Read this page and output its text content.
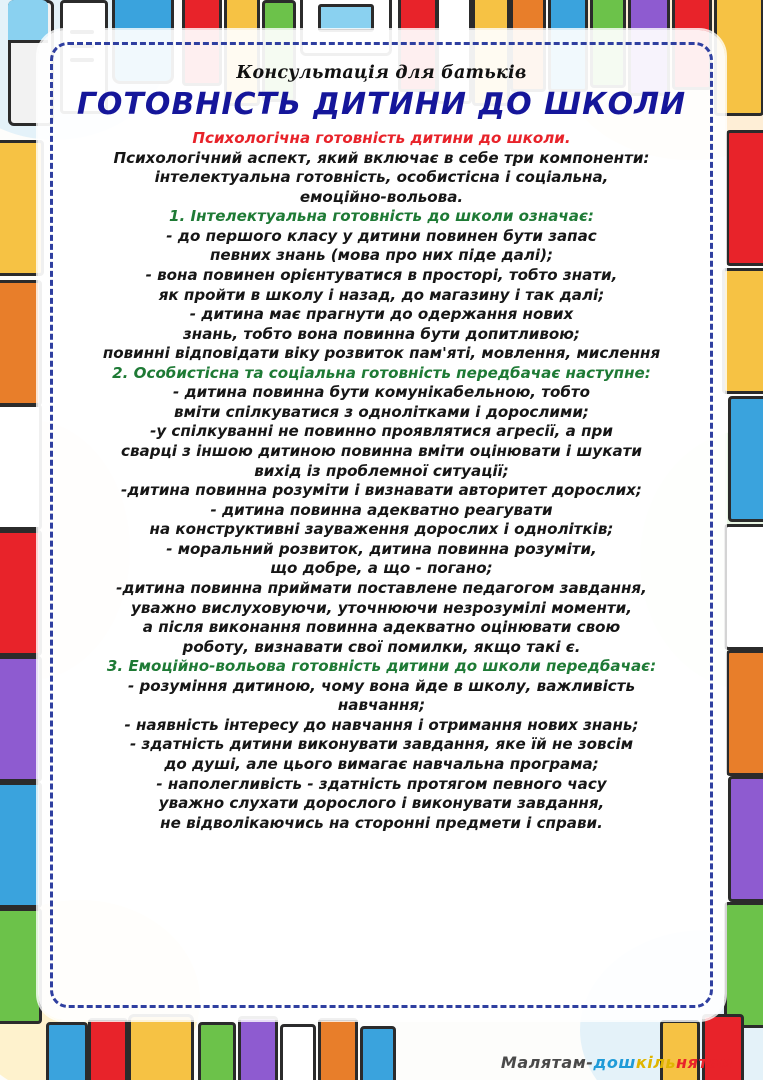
Консультація для батьків
ГОТОВНІСТЬ ДИТИНИ ДО ШКОЛИ
Психологічна готовність дитини до школи.
Психологічний аспект, який включає в себе три компоненти:
інтелектуальна готовність, особистісна і соціальна,
емоційно-вольова.
1. Інтелектуальна готовність до школи означає:
- до першого класу у дитини повинен бути запас
певних знань (мова про них піде далі);
- вона повинен орієнтуватися в просторі, тобто знати,
як пройти в школу і назад, до магазину і так далі;
- дитина має прагнути до одержання нових
знань, тобто вона повинна бути допитливою;
повинні відповідати віку розвиток пам'яті, мовлення, мислення
2. Особистісна та соціальна готовність передбачає наступне:
- дитина повинна бути комунікабельною, тобто
вміти спілкуватися з однолітками і дорослими;
-у спілкуванні не повинно проявлятися агресії, а при
сварці з іншою дитиною повинна вміти оцінювати і шукати
вихід із проблемної ситуації;
-дитина повинна розуміти і визнавати авторитет дорослих;
- дитина повинна адекватно реагувати
на конструктивні зауваження дорослих і однолітків;
- моральний розвиток, дитина повинна розуміти,
що добре, а що - погано;
-дитина повинна приймати поставлене педагогом завдання,
уважно вислуховуючи, уточнюючи незрозумілі моменти,
а після виконання повинна адекватно оцінювати свою
роботу, визнавати свої помилки, якщо такі є.
3. Емоційно-вольова готовність дитини до школи передбачає:
- розуміння дитиною, чому вона йде в школу, важливість
навчання;
- наявність інтересу до навчання і отримання нових знань;
- здатність дитини виконувати завдання, яке їй не зовсім
до душі, але цього вимагає навчальна програма;
- наполегливість - здатність протягом певного часу
уважно слухати дорослого і виконувати завдання,
не відволікаючись на сторонні предмети і справи.
Малятам-дошкільнятам
